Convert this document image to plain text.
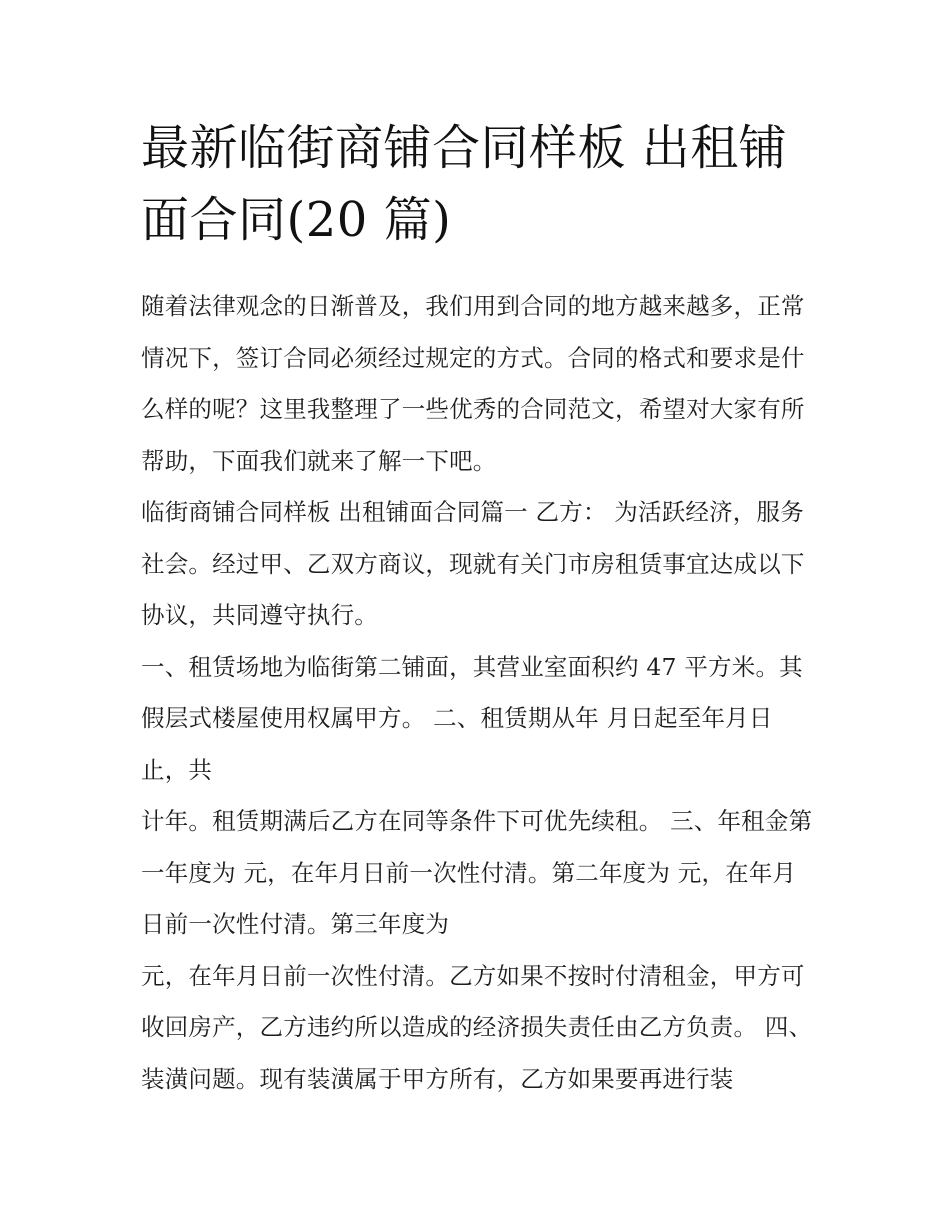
最新临街商铺合同样板 出租铺面合同(20 篇)

随着法律观念的日渐普及，我们用到合同的地方越来越多，正常情况下，签订合同必须经过规定的方式。合同的格式和要求是什么样的呢？这里我整理了一些优秀的合同范文，希望对大家有所帮助，下面我们就来了解一下吧。

临街商铺合同样板 出租铺面合同篇一 乙方： 为活跃经济，服务社会。经过甲、乙双方商议，现就有关门市房租赁事宜达成以下协议，共同遵守执行。

一、租赁场地为临街第二铺面，其营业室面积约 47 平方米。其假层式楼屋使用权属甲方。 二、租赁期从年 月日起至年月日止，共

计年。租赁期满后乙方在同等条件下可优先续租。 三、年租金第一年度为 元，在年月日前一次性付清。第二年度为 元，在年月日前一次性付清。第三年度为

元，在年月日前一次性付清。乙方如果不按时付清租金，甲方可收回房产，乙方违约所以造成的经济损失责任由乙方负责。 四、装潢问题。现有装潢属于甲方所有，乙方如果要再进行装
